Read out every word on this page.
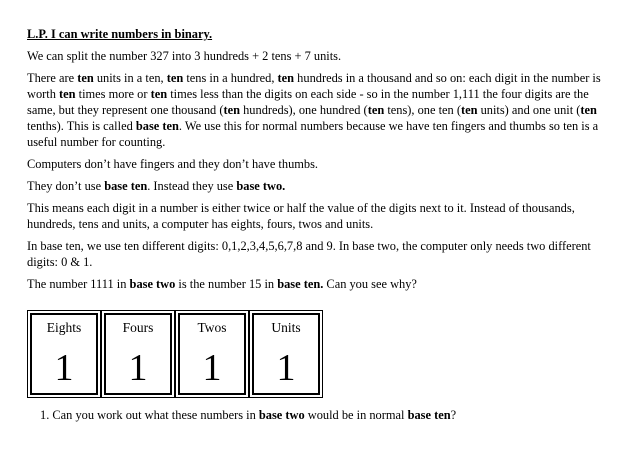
L.P. I can write numbers in binary.
We can split the number 327 into 3 hundreds + 2 tens + 7 units.
There are ten units in a ten, ten tens in a hundred, ten hundreds in a thousand and so on: each digit in the number is worth ten times more or ten times less than the digits on each side - so in the number 1,111 the four digits are the same, but they represent one thousand (ten hundreds), one hundred (ten tens), one ten (ten units) and one unit (ten tenths). This is called base ten. We use this for normal numbers because we have ten fingers and thumbs so ten is a useful number for counting.
Computers don’t have fingers and they don’t have thumbs.
They don’t use base ten. Instead they use base two.
This means each digit in a number is either twice or half the value of the digits next to it. Instead of thousands, hundreds, tens and units, a computer has eights, fours, twos and units.
In base ten, we use ten different digits: 0,1,2,3,4,5,6,7,8 and 9. In base two, the computer only needs two different digits: 0 & 1.
The number 1111 in base two is the number 15 in base ten. Can you see why?
Eights
1
Fours
1
Twos
1
Units
1
1. Can you work out what these numbers in base two would be in normal base ten?
